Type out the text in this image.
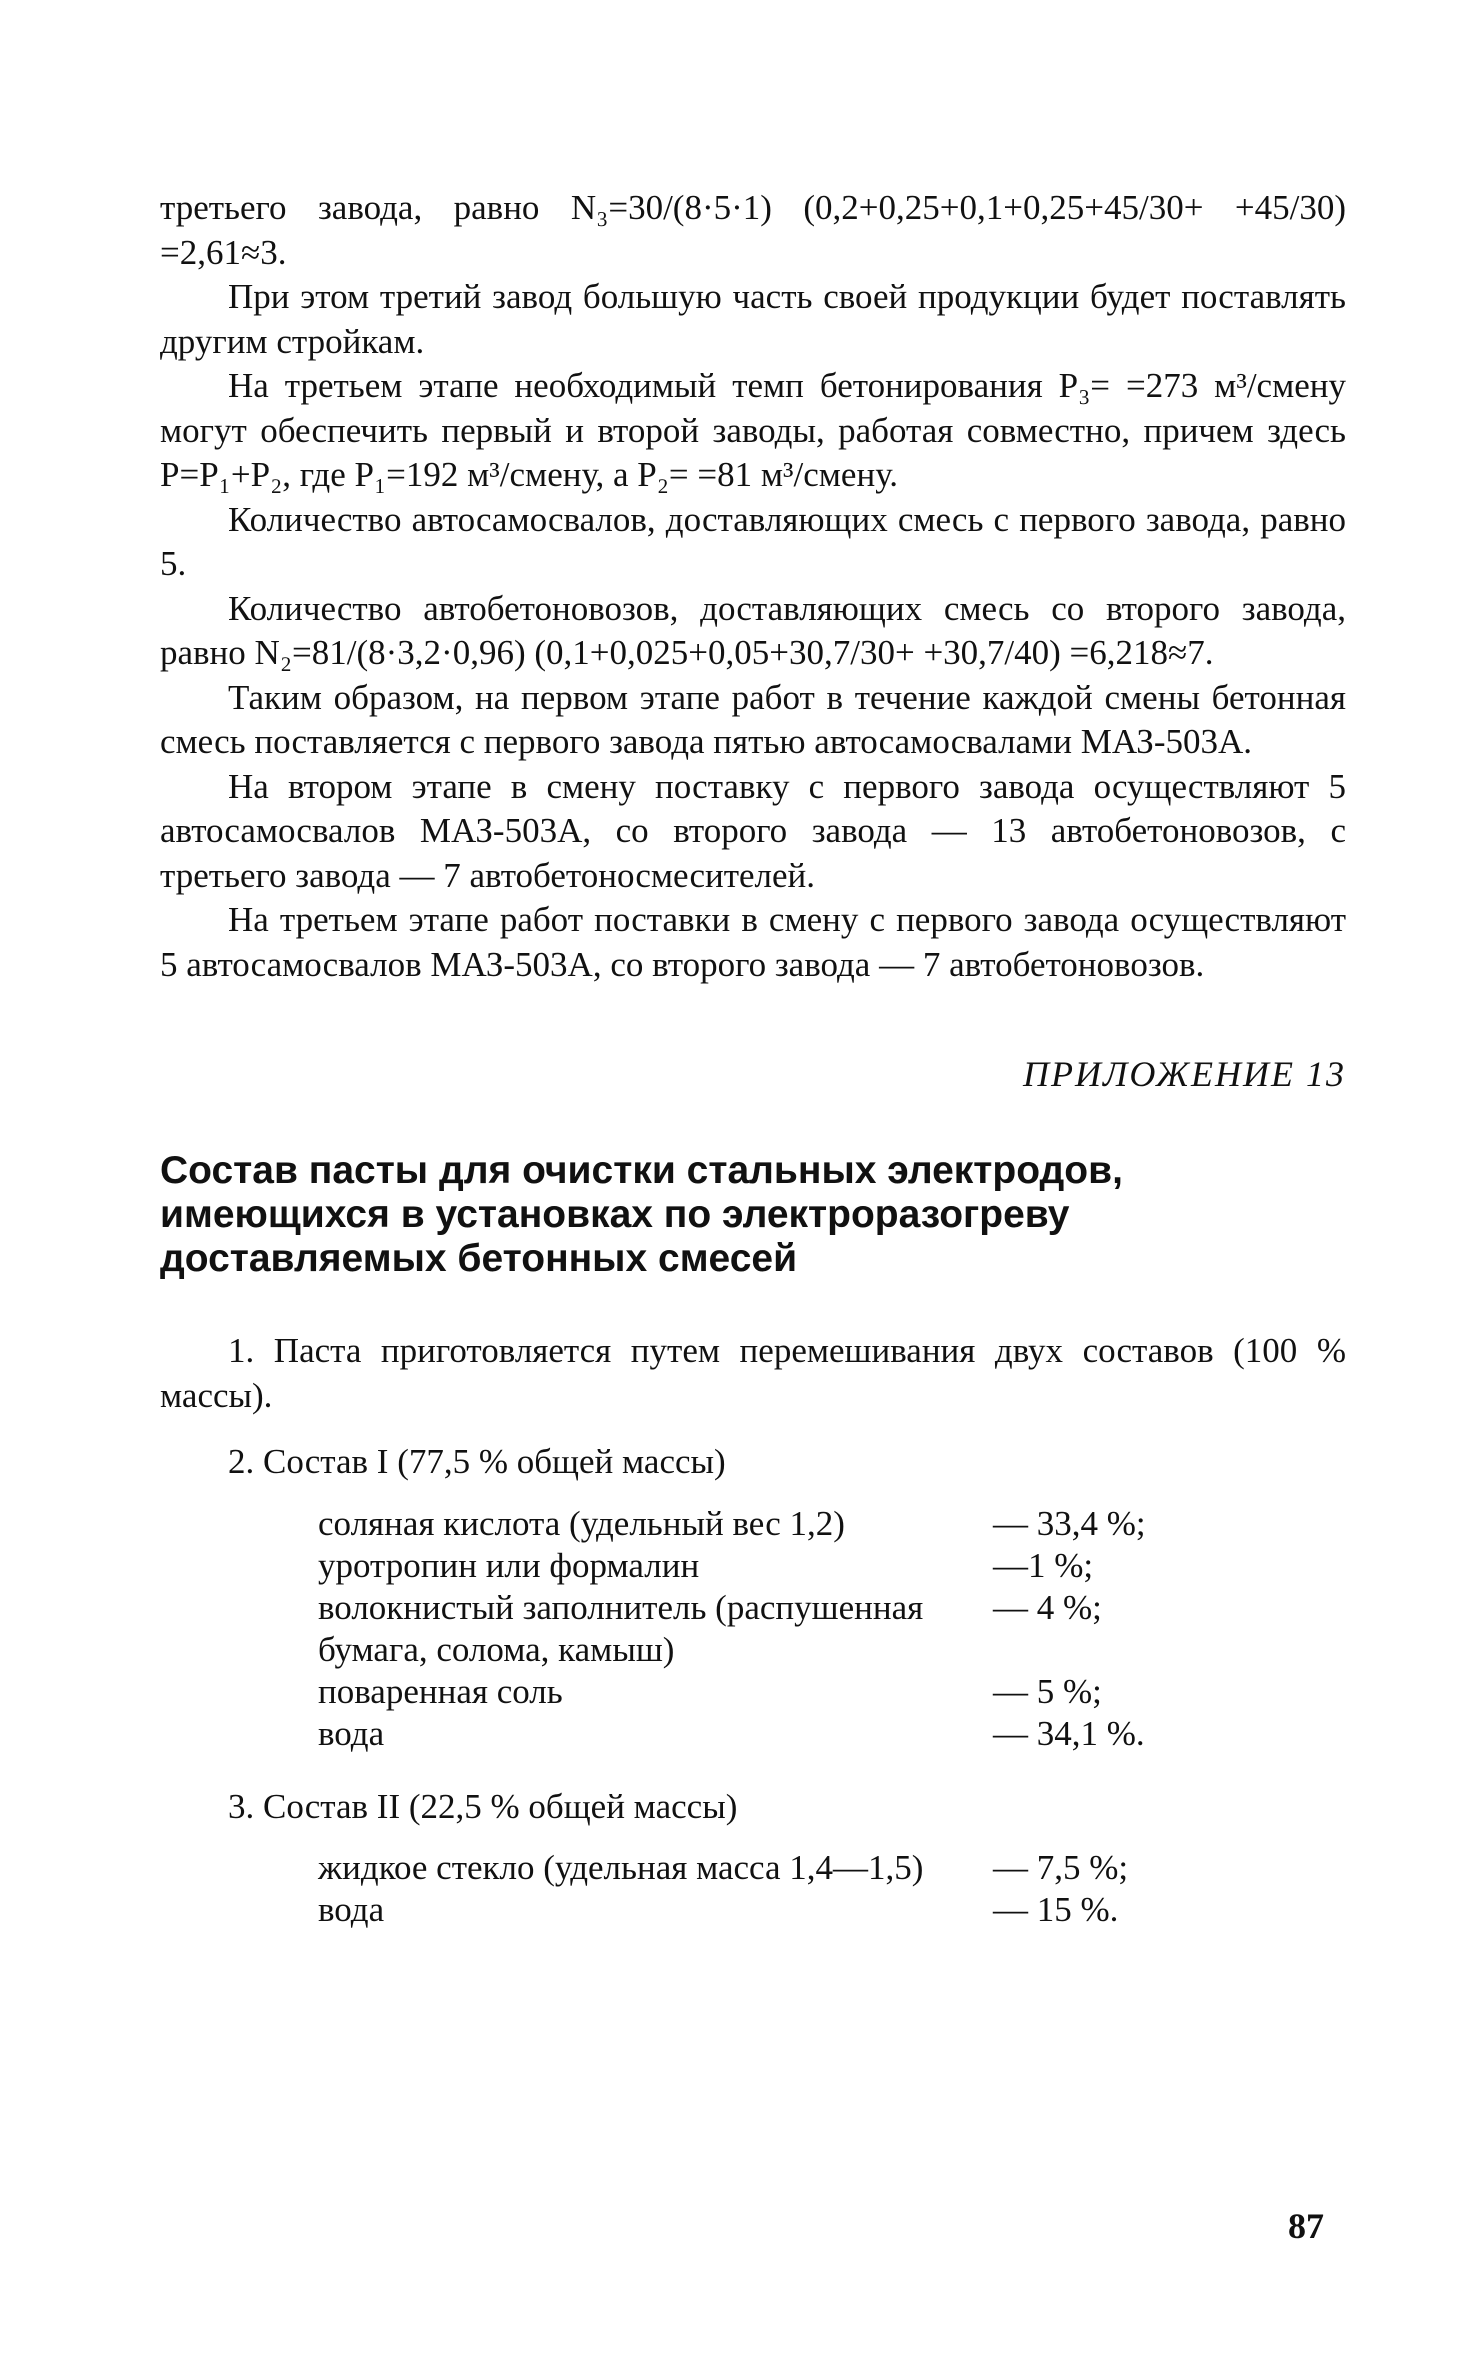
третьего завода, равно N₃=30/(8·5·1) (0,2+0,25+0,1+0,25+45/30+ +45/30) =2,61≈3.

При этом третий завод большую часть своей продукции будет поставлять другим стройкам.

На третьем этапе необходимый темп бетонирования P₃= =273 м³/смену могут обеспечить первый и второй заводы, работая совместно, причем здесь P=P₁+P₂, где P₁=192 м³/смену, а P₂= =81 м³/смену.

Количество автосамосвалов, доставляющих смесь с первого завода, равно 5.

Количество автобетоновозов, доставляющих смесь со второго завода, равно N₂=81/(8·3,2·0,96) (0,1+0,025+0,05+30,7/30+ +30,7/40) =6,218≈7.

Таким образом, на первом этапе работ в течение каждой смены бетонная смесь поставляется с первого завода пятью автосамосвалами МАЗ-503А.

На втором этапе в смену поставку с первого завода осуществляют 5 автосамосвалов МАЗ-503А, со второго завода — 13 автобетоновозов, с третьего завода — 7 автобетоносмесителей.

На третьем этапе работ поставки в смену с первого завода осуществляют 5 автосамосвалов МАЗ-503А, со второго завода — 7 автобетоновозов.

ПРИЛОЖЕНИЕ 13
Состав пасты для очистки стальных электродов, имеющихся в установках по электроразогреву доставляемых бетонных смесей

1. Паста приготовляется путем перемешивания двух составов (100 % массы).

2. Состав I (77,5 % общей массы)

соляная кислота (удельный вес 1,2)	— 33,4 %;
уротропин или формалин	—1 %;
волокнистый заполнитель (распушенная бумага, солома, камыш)	— 4 %;
поваренная соль	— 5 %;
вода	— 34,1 %.

3. Состав II (22,5 % общей массы)

жидкое стекло (удельная масса 1,4—1,5)	— 7,5 %;
вода	— 15 %.
87
